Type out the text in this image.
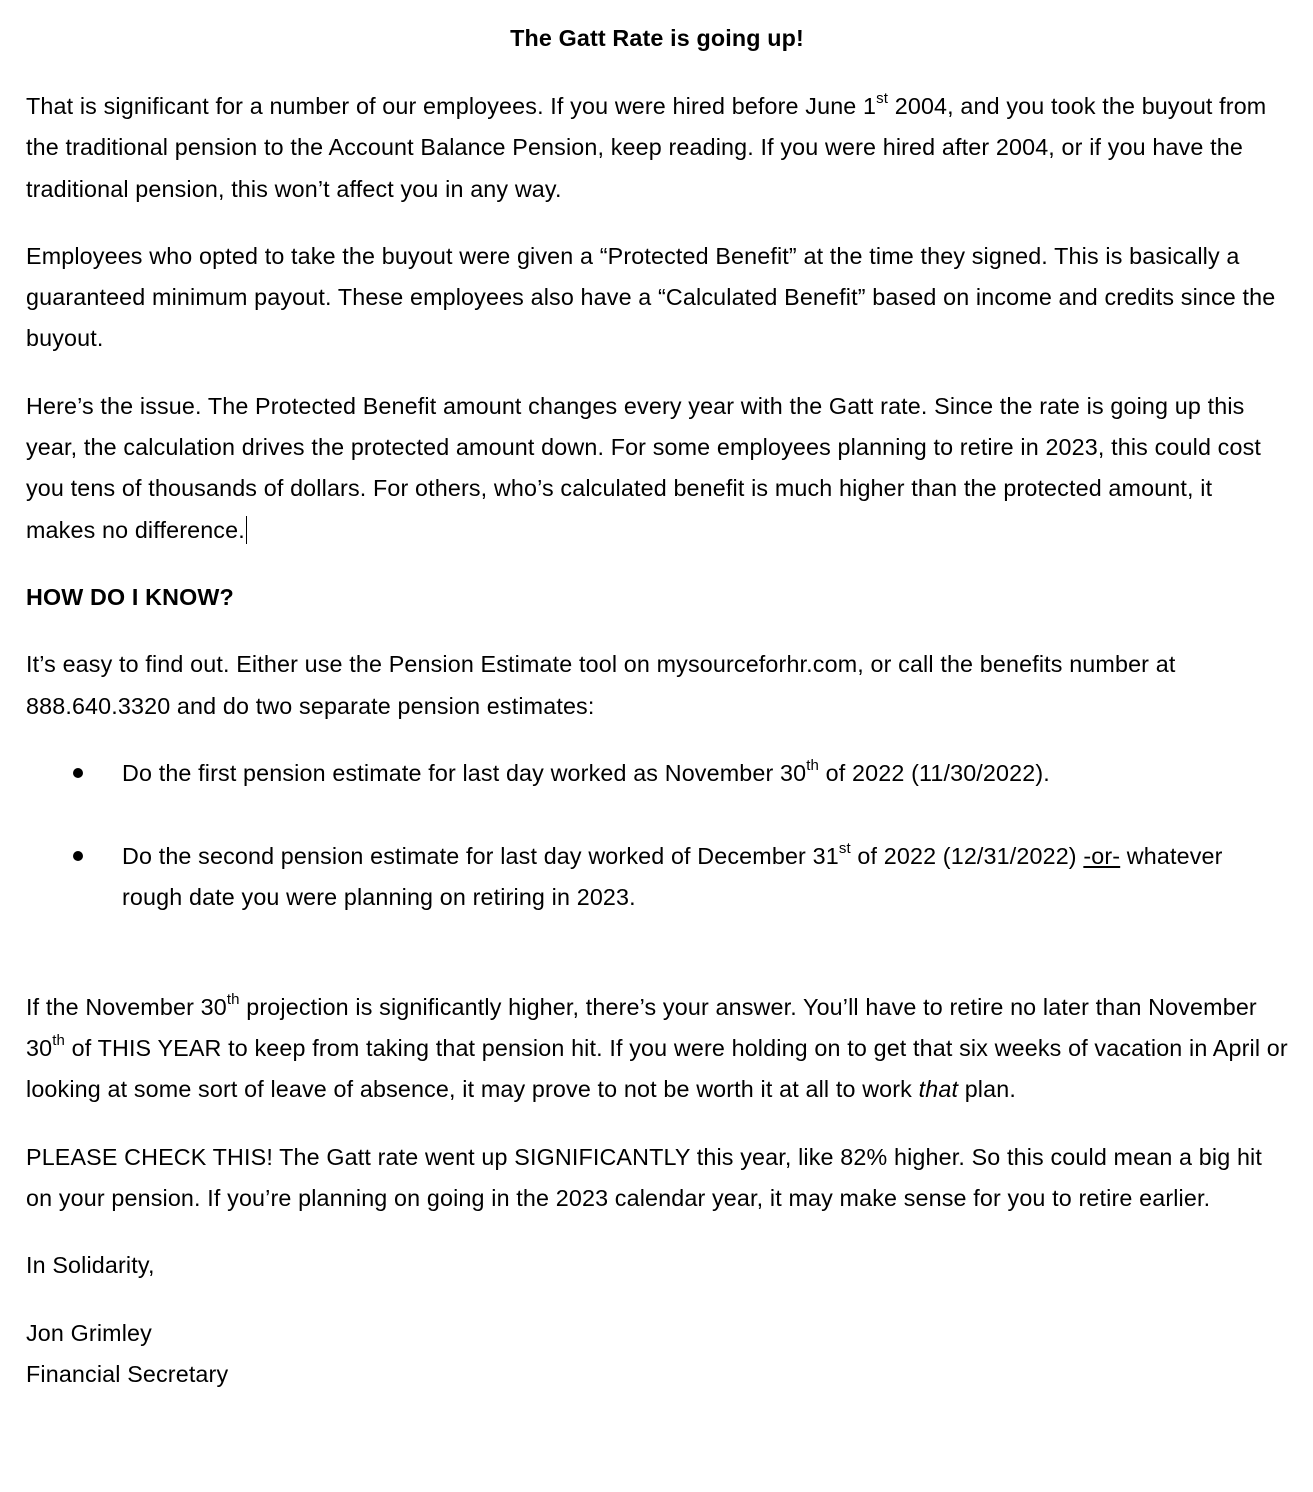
The Gatt Rate is going up!

That is significant for a number of our employees. If you were hired before June 1st 2004, and you took the buyout from the traditional pension to the Account Balance Pension, keep reading. If you were hired after 2004, or if you have the traditional pension, this won’t affect you in any way.

Employees who opted to take the buyout were given a “Protected Benefit” at the time they signed. This is basically a guaranteed minimum payout. These employees also have a “Calculated Benefit” based on income and credits since the buyout.

Here’s the issue. The Protected Benefit amount changes every year with the Gatt rate. Since the rate is going up this year, the calculation drives the protected amount down. For some employees planning to retire in 2023, this could cost you tens of thousands of dollars. For others, who’s calculated benefit is much higher than the protected amount, it makes no difference.

HOW DO I KNOW?

It’s easy to find out. Either use the Pension Estimate tool on mysourceforhr.com, or call the benefits number at 888.640.3320 and do two separate pension estimates:

Do the first pension estimate for last day worked as November 30th of 2022 (11/30/2022).
Do the second pension estimate for last day worked of December 31st of 2022 (12/31/2022) -or- whatever rough date you were planning on retiring in 2023.

If the November 30th projection is significantly higher, there’s your answer. You’ll have to retire no later than November 30th of THIS YEAR to keep from taking that pension hit. If you were holding on to get that six weeks of vacation in April or looking at some sort of leave of absence, it may prove to not be worth it at all to work that plan.

PLEASE CHECK THIS! The Gatt rate went up SIGNIFICANTLY this year, like 82% higher. So this could mean a big hit on your pension. If you’re planning on going in the 2023 calendar year, it may make sense for you to retire earlier.

In Solidarity,

Jon Grimley

Financial Secretary
